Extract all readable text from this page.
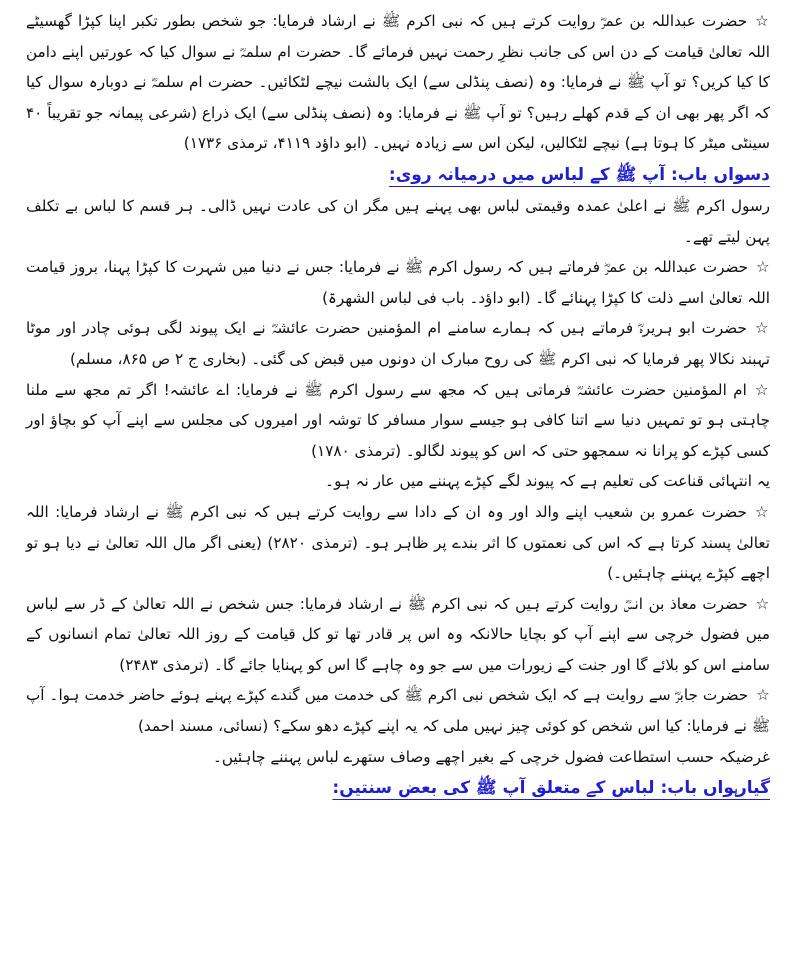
☆حضرت عبداللہ بن عمرؓ روایت کرتے ہیں کہ نبی اکرم ﷺ نے ارشاد فرمایا: جو شخص بطور تکبر اپنا کپڑا گھسیٹے اللہ تعالیٰ قیامت کے دن اس کی جانب نظرِ رحمت نہیں فرمائے گا۔ حضرت ام سلمہؓ نے سوال کیا کہ عورتیں اپنے دامن کا کیا کریں؟ تو آپ ﷺ نے فرمایا: وہ (نصف پنڈلی سے) ایک بالشت نیچے لٹکائیں۔ حضرت ام سلمہؓ نے دوبارہ سوال کیا کہ اگر پھر بھی ان کے قدم کھلے رہیں؟ تو آپ ﷺ نے فرمایا: وہ (نصف پنڈلی سے) ایک ذراع (شرعی پیمانہ جو تقریباً ۴۰ سینٹی میٹر کا ہوتا ہے) نیچے لٹکالیں، لیکن اس سے زیادہ نہیں۔ (ابو داؤد ۴۱۱۹، ترمذی ۱۷۳۶)

دسواں باب: آپ ﷺ کے لباس میں درمیانہ روی:

رسول اکرم ﷺ نے اعلیٰ عمدہ وقیمتی لباس بھی پہنے ہیں مگر ان کی عادت نہیں ڈالی۔ ہر قسم کا لباس بے تکلف پہن لیتے تھے۔

☆حضرت عبداللہ بن عمرؓ فرماتے ہیں کہ رسول اکرم ﷺ نے فرمایا: جس نے دنیا میں شہرت کا کپڑا پہنا، بروز قیامت اللہ تعالیٰ اسے ذلت کا کپڑا پہنائے گا۔ (ابو داؤد۔ باب فی لباس الشھرۃ)

☆حضرت ابو ہریرہؓ فرماتے ہیں کہ ہمارے سامنے ام المؤمنین حضرت عائشہؓ نے ایک پیوند لگی ہوئی چادر اور موٹا تہبند نکالا پھر فرمایا کہ نبی اکرم ﷺ کی روح مبارک ان دونوں میں قبض کی گئی۔ (بخاری ج ۲ ص ۸۶۵، مسلم)

☆ام المؤمنین حضرت عائشہؓ فرماتی ہیں کہ مجھ سے رسول اکرم ﷺ نے فرمایا: اے عائشہ! اگر تم مجھ سے ملنا چاہتی ہو تو تمہیں دنیا سے اتنا کافی ہو جیسے سوار مسافر کا توشہ اور امیروں کی مجلس سے اپنے آپ کو بچاؤ اور کسی کپڑے کو پرانا نہ سمجھو حتی کہ اس کو پیوند لگالو۔ (ترمذی ۱۷۸۰)

یہ انتہائی قناعت کی تعلیم ہے کہ پیوند لگے کپڑے پہننے میں عار نہ ہو۔

☆حضرت عمرو بن شعیب اپنے والد اور وہ ان کے دادا سے روایت کرتے ہیں کہ نبی اکرم ﷺ نے ارشاد فرمایا: اللہ تعالیٰ پسند کرتا ہے کہ اس کی نعمتوں کا اثر بندے پر ظاہر ہو۔ (ترمذی ۲۸۲۰) (یعنی اگر مال اللہ تعالیٰ نے دیا ہو تو اچھے کپڑے پہننے چاہئیں۔)

☆حضرت معاذ بن انسؓ روایت کرتے ہیں کہ نبی اکرم ﷺ نے ارشاد فرمایا: جس شخص نے اللہ تعالیٰ کے ڈر سے لباس میں فضول خرچی سے اپنے آپ کو بچایا حالانکہ وہ اس پر قادر تھا تو کل قیامت کے روز اللہ تعالیٰ تمام انسانوں کے سامنے اس کو بلائے گا اور جنت کے زیورات میں سے جو وہ چاہے گا اس کو پہنایا جائے گا۔ (ترمذی ۲۴۸۳)

☆حضرت جابرؓ سے روایت ہے کہ ایک شخص نبی اکرم ﷺ کی خدمت میں گندے کپڑے پہنے ہوئے حاضر خدمت ہوا۔ آپ ﷺ نے فرمایا: کیا اس شخص کو کوئی چیز نہیں ملی کہ یہ اپنے کپڑے دھو سکے؟ (نسائی، مسند احمد)

غرضیکہ حسب استطاعت فضول خرچی کے بغیر اچھے وصاف ستھرے لباس پہننے چاہئیں۔

گیارہواں باب: لباس کے متعلق آپ ﷺ کی بعض سنتیں:
